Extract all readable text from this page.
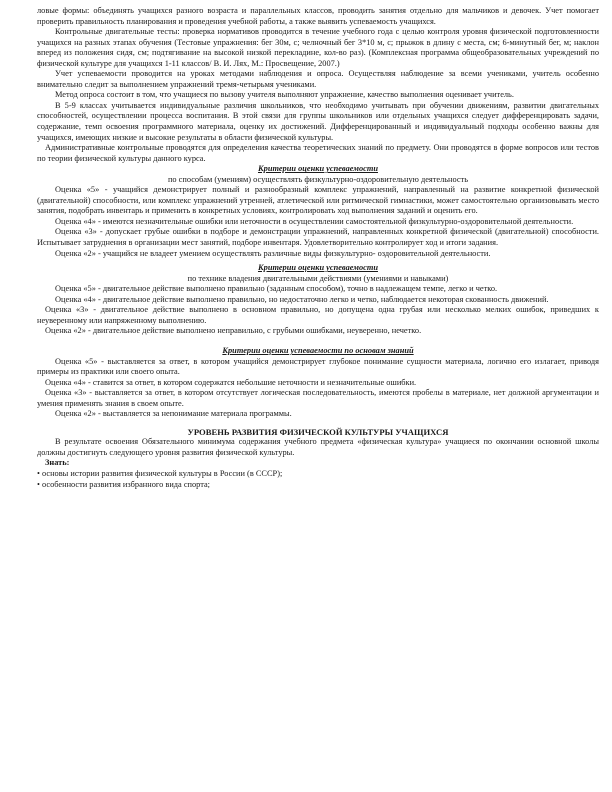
ловые формы: объединять учащихся разного возраста и параллельных классов, проводить занятия отдельно для мальчиков и девочек. Учет помогает проверить правильность планирования и проведения учебной работы, а также выявить успеваемость учащихся.

Контрольные двигательные тесты: проверка нормативов проводится в течение учебного года с целью контроля уровня физической подготовленности учащихся на разных этапах обучения (Тестовые упражнения: бег 30м, с; челночный бег 3*10 м, с; прыжок в длину с места, см; 6-минутный бег, м; наклон вперед из положения сидя, см; подтягивание на высокой низкой перекладине, кол-во раз). (Комплексная программа общеобразовательных учреждений по физической культуре для учащихся 1-11 классов/ В. И. Лях, М.: Просвещение, 2007.)

Учет успеваемости проводится на уроках методами наблюдения и опроса. Осуществляя наблюдение за всеми учениками, учитель особенно внимательно следит за выполнением упражнений тремя-четырьмя учениками.

Метод опроса состоит в том, что учащиеся по вызову учителя выполняют упражнение, качество выполнения оценивает учитель.

В 5-9 классах учитывается индивидуальные различия школьников, что необходимо учитывать при обучении движениям, развитии двигательных способностей, осуществлении процесса воспитания. В этой связи для группы школьников или отдельных учащихся следует дифференцировать задачи, содержание, темп освоения программного материала, оценку их достижений. Дифференцированный и индивидуальный подходы особенно важны для учащихся, имеющих низкие и высокие результаты в области физической культуры.

Административные контрольные проводятся для определения качества теоретических знаний по предмету. Они проводятся в форме вопросов или тестов по теории физической культуры данного курса.

Критерии оценки успеваемости

по способам (умениям) осуществлять физкультурно-оздоровительную деятельность

Оценка «5» - учащийся демонстрирует полный и разнообразный комплекс упражнений, направленный на развитие конкретной физической (двигательной) способности, или комплекс упражнений утренней, атлетической или ритмической гимнастики, может самостоятельно организовывать место занятия, подобрать инвентарь и применить в конкретных условиях, контролировать ход выполнения заданий и оценить его.

Оценка «4» - имеются незначительные ошибки или неточности в осуществлении самостоятельной физкультурно-оздоровительной деятельности.

Оценка «3» - допускает грубые ошибки в подборе и демонстрации упражнений, направленных конкретной физической (двигательной) способности. Испытывает затруднения в организации мест занятий, подборе инвентаря. Удовлетворительно контролирует ход и итоги задания.

Оценка «2» - учащийся не владеет умением осуществлять различные виды физкультурно- оздоровительной деятельности.

Критерии оценки успеваемости

по технике владения двигательными действиями (умениями и навыками)

Оценка «5» - двигательное действие выполнено правильно (заданным способом), точно в надлежащем темпе, легко и четко.

Оценка «4» - двигательное действие выполнено правильно, но недостаточно легко и четко, наблюдается некоторая скованность движений.

Оценка «3» - двигательное действие выполнено в основном правильно, но допущена одна грубая или несколько мелких ошибок, приведших к неуверенному или напряженному выполнению.

Оценка «2» - двигательное действие выполнено неправильно, с грубыми ошибками, неуверенно, нечетко.

Критерии оценки успеваемости по основам знаний

Оценка «5» - выставляется за ответ, в котором учащийся демонстрирует глубокое понимание сущности материала, логично его излагает, приводя примеры из практики или своего опыта.

Оценка «4» - ставится за ответ, в котором содержатся небольшие неточности и незначительные ошибки.

Оценка «3» - выставляется за ответ, в котором отсутствует логическая последовательность, имеются пробелы в материале, нет должной аргументации и умения применять знания в своем опыте.

Оценка «2» - выставляется за непонимание материала программы.

УРОВЕНЬ РАЗВИТИЯ ФИЗИЧЕСКОЙ КУЛЬТУРЫ УЧАЩИХСЯ

В результате освоения Обязательного минимума содержания учебного предмета «физическая культура» учащиеся по окончании основной школы должны достигнуть следующего уровня развития физической культуры.

Знать:

• основы истории развития физической культуры в России (в СССР);
• особенности развития избранного вида спорта;
